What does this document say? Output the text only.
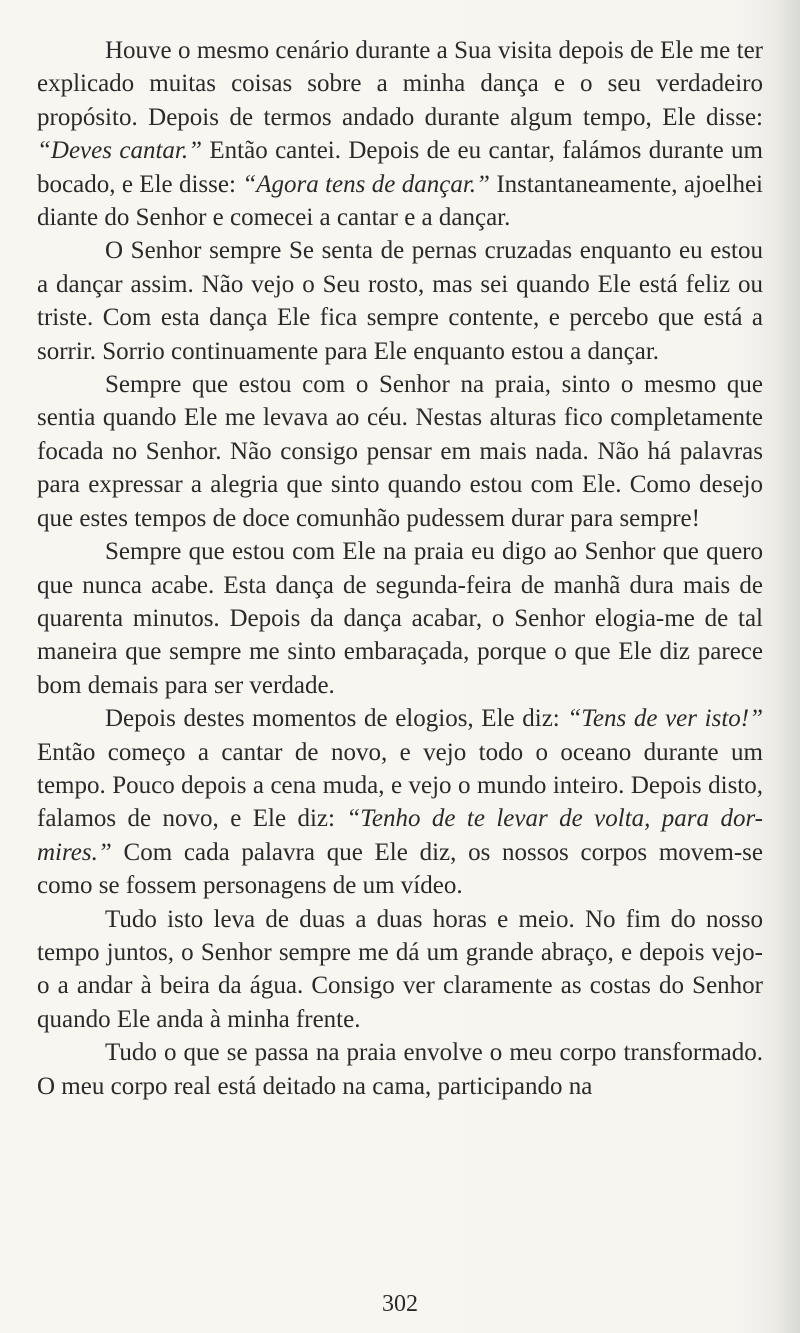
Houve o mesmo cenário durante a Sua visita depois de Ele me ter explicado muitas coisas sobre a minha dança e o seu verdadeiro propósito. Depois de termos andado durante algum tempo, Ele disse: “Deves cantar.” Então cantei. Depois de eu cantar, falámos durante um bocado, e Ele disse: “Agora tens de dançar.” Instantaneamente, ajoelhei diante do Senhor e comecei a cantar e a dançar.

O Senhor sempre Se senta de pernas cruzadas enquanto eu estou a dançar assim. Não vejo o Seu rosto, mas sei quando Ele está feliz ou triste. Com esta dança Ele fica sempre contente, e percebo que está a sorrir. Sorrio continuamente para Ele enquanto estou a dançar.

Sempre que estou com o Senhor na praia, sinto o mesmo que sentia quando Ele me levava ao céu. Nestas alturas fico completamente focada no Senhor. Não consigo pensar em mais nada. Não há palavras para expressar a alegria que sinto quando estou com Ele. Como desejo que estes tempos de doce comunhão pudessem durar para sempre!

Sempre que estou com Ele na praia eu digo ao Senhor que quero que nunca acabe. Esta dança de segunda-feira de manhã dura mais de quarenta minutos. Depois da dança acabar, o Senhor elogia-me de tal maneira que sempre me sinto embaraçada, porque o que Ele diz parece bom demais para ser verdade.

Depois destes momentos de elogios, Ele diz: “Tens de ver isto!” Então começo a cantar de novo, e vejo todo o oceano durante um tempo. Pouco depois a cena muda, e vejo o mundo inteiro. Depois disto, falamos de novo, e Ele diz: “Tenho de te levar de volta, para dor-mires.” Com cada palavra que Ele diz, os nossos corpos movem-se como se fossem personagens de um vídeo.

Tudo isto leva de duas a duas horas e meio. No fim do nosso tempo juntos, o Senhor sempre me dá um grande abraço, e depois vejo-o a andar à beira da água. Consigo ver claramente as costas do Senhor quando Ele anda à minha frente.

Tudo o que se passa na praia envolve o meu corpo transformado. O meu corpo real está deitado na cama, participando na

302
